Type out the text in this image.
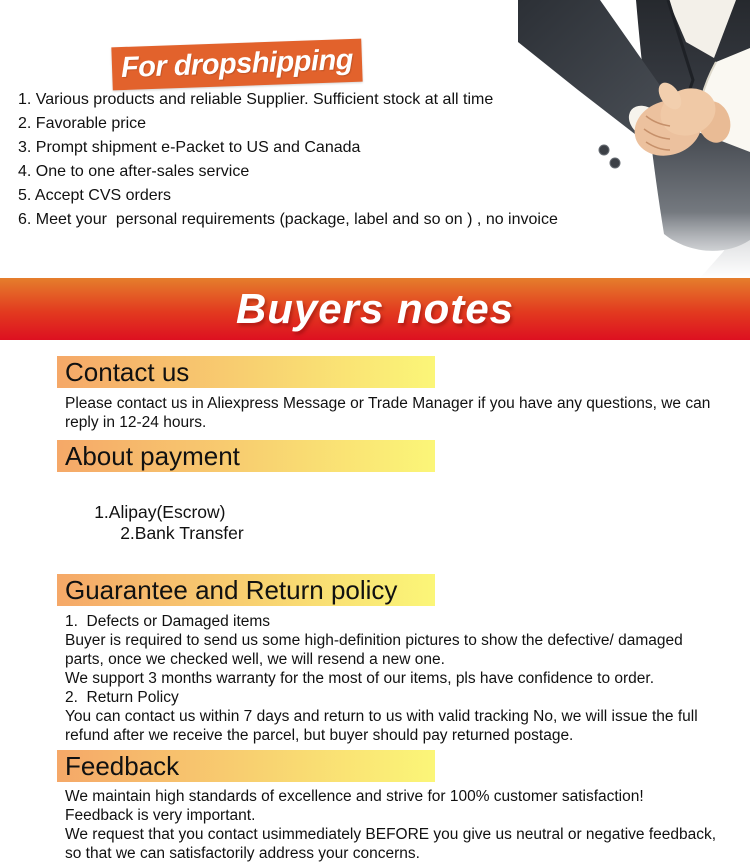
For dropshipping
1. Various products and reliable Supplier. Sufficient stock at all time
2. Favorable price
3. Prompt shipment e-Packet to US and Canada
4. One to one after-sales service
5. Accept CVS orders
6. Meet your  personal requirements (package, label and so on ) , no invoice
Buyers notes
Contact us
Please contact us in Aliexpress Message or Trade Manager if you have any questions, we can reply in 12-24 hours.
About payment

1.Alipay(Escrow)
2.Bank Transfer

Guarantee and Return policy

1.  Defects or Damaged items

Buyer is required to send us some high-definition pictures to show the defective/ damaged parts, once we checked well, we will resend a new one.

We support 3 months warranty for the most of our items, pls have confidence to order.

2.  Return Policy

You can contact us within 7 days and return to us with valid tracking No, we will issue the full refund after we receive the parcel, but buyer should pay returned postage.

Feedback

We maintain high standards of excellence and strive for 100% customer satisfaction!

Feedback is very important.

We request that you contact usimmediately BEFORE you give us neutral or negative feedback, so that we can satisfactorily address your concerns.
